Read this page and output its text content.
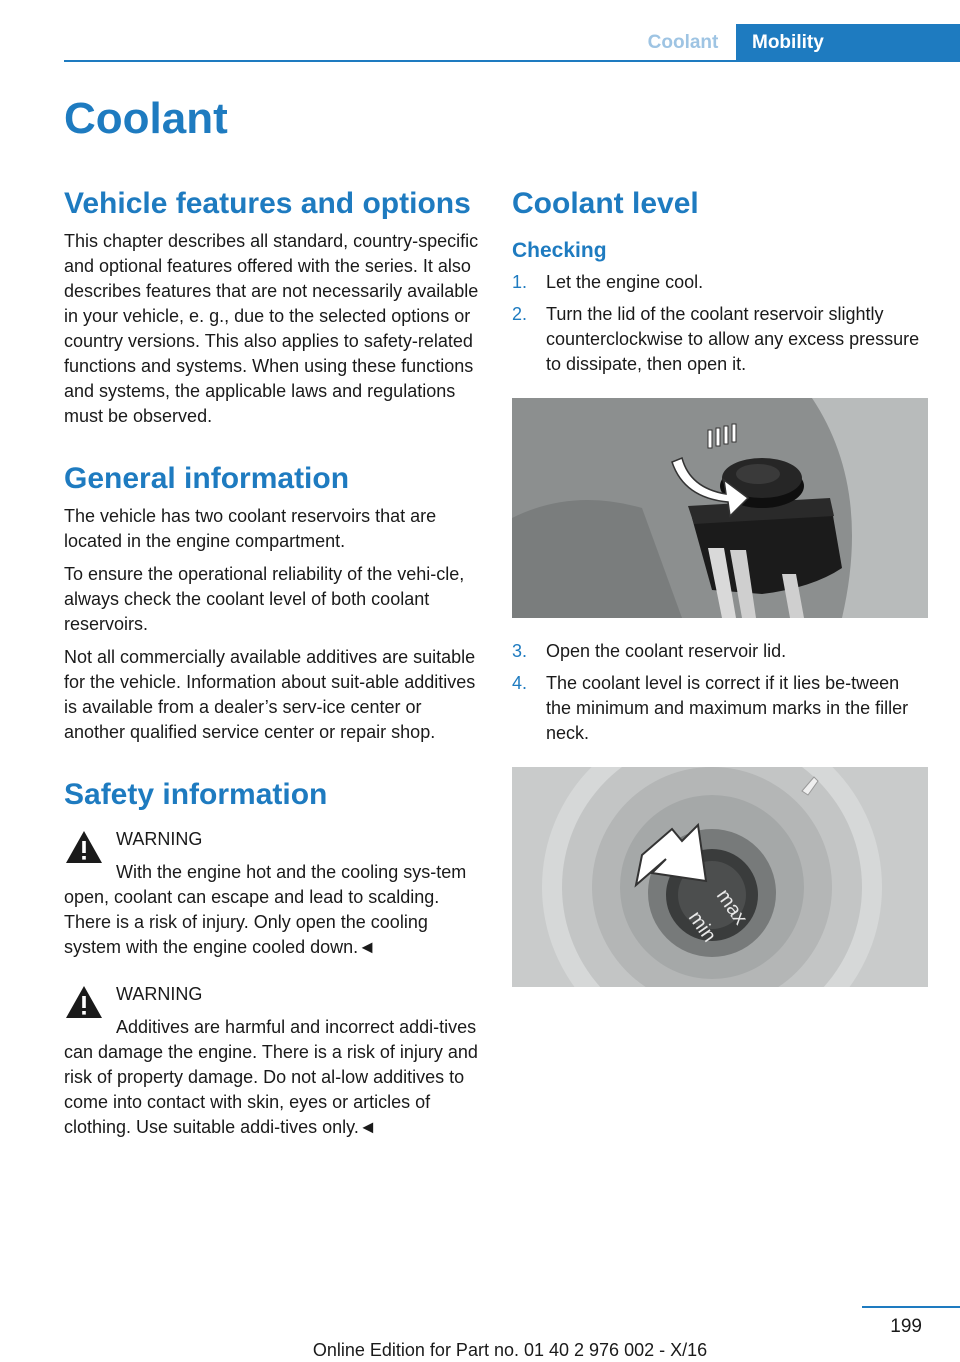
Coolant	Mobility
Coolant
Vehicle features and options

This chapter describes all standard, country-specific and optional features offered with the series. It also describes features that are not necessarily available in your vehicle, e. g., due to the selected options or country versions. This also applies to safety-related functions and systems. When using these functions and systems, the applicable laws and regulations must be observed.

General information

The vehicle has two coolant reservoirs that are located in the engine compartment.

To ensure the operational reliability of the vehi‐cle, always check the coolant level of both coolant reservoirs.

Not all commercially available additives are suitable for the vehicle. Information about suit‐able additives is available from a dealer’s serv‐ice center or another qualified service center or repair shop.

Safety information
WARNING
With the engine hot and the cooling sys‐tem open, coolant can escape and lead to scalding. There is a risk of injury. Only open the cooling system with the engine cooled down.◄
WARNING
Additives are harmful and incorrect addi‐tives can damage the engine. There is a risk of injury and risk of property damage. Do not al‐low additives to come into contact with skin, eyes or articles of clothing. Use suitable addi‐tives only.◄
Coolant level
Checking
1. Let the engine cool.
2. Turn the lid of the coolant reservoir slightly counterclockwise to allow any excess pressure to dissipate, then open it.
3. Open the coolant reservoir lid.
4. The coolant level is correct if it lies be‐tween the minimum and maximum marks in the filler neck.
max
min
199
Online Edition for Part no. 01 40 2 976 002 - X/16
